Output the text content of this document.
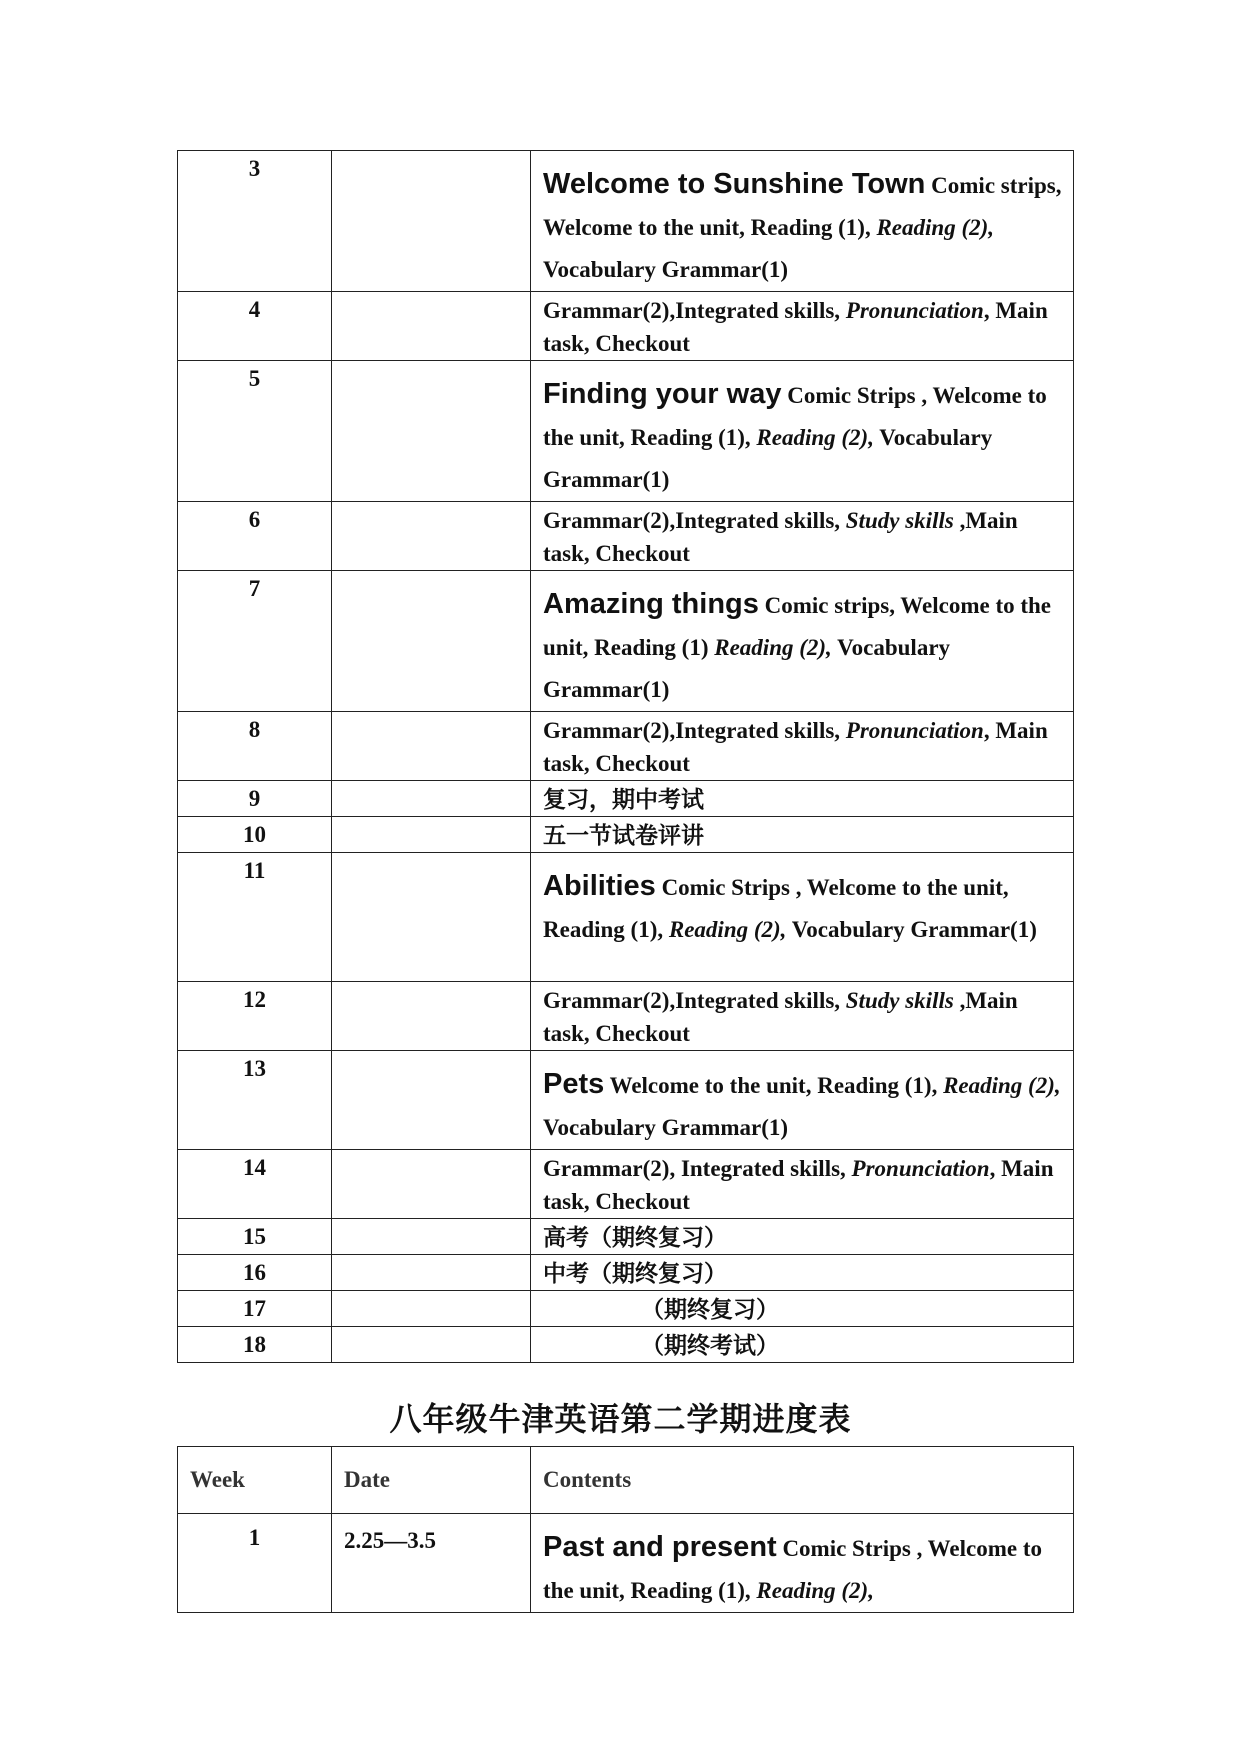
3		Welcome to Sunshine Town Comic strips, Welcome to the unit, Reading (1), Reading (2), Vocabulary Grammar(1)
4		Grammar(2),Integrated skills, Pronunciation, Main task, Checkout
5		Finding your way Comic Strips , Welcome to the unit, Reading (1), Reading (2), Vocabulary Grammar(1)
6		Grammar(2),Integrated skills, Study skills ,Main task, Checkout
7		Amazing things Comic strips, Welcome to the unit, Reading (1) Reading (2), Vocabulary Grammar(1)
8		Grammar(2),Integrated skills, Pronunciation, Main task, Checkout
9		复习，期中考试
10		五一节试卷评讲
11		Abilities Comic Strips , Welcome to the unit, Reading (1), Reading (2), Vocabulary Grammar(1)
12		Grammar(2),Integrated skills, Study skills ,Main task, Checkout
13		Pets Welcome to the unit, Reading (1), Reading (2), Vocabulary Grammar(1)
14		Grammar(2), Integrated skills, Pronunciation, Main task, Checkout
15		高考（期终复习）
16		中考（期终复习）
17		（期终复习）
18		（期终考试）
八年级牛津英语第二学期进度表
Week	Date	Contents
1	2.25—3.5	Past and present Comic Strips , Welcome to the unit, Reading (1), Reading (2),
